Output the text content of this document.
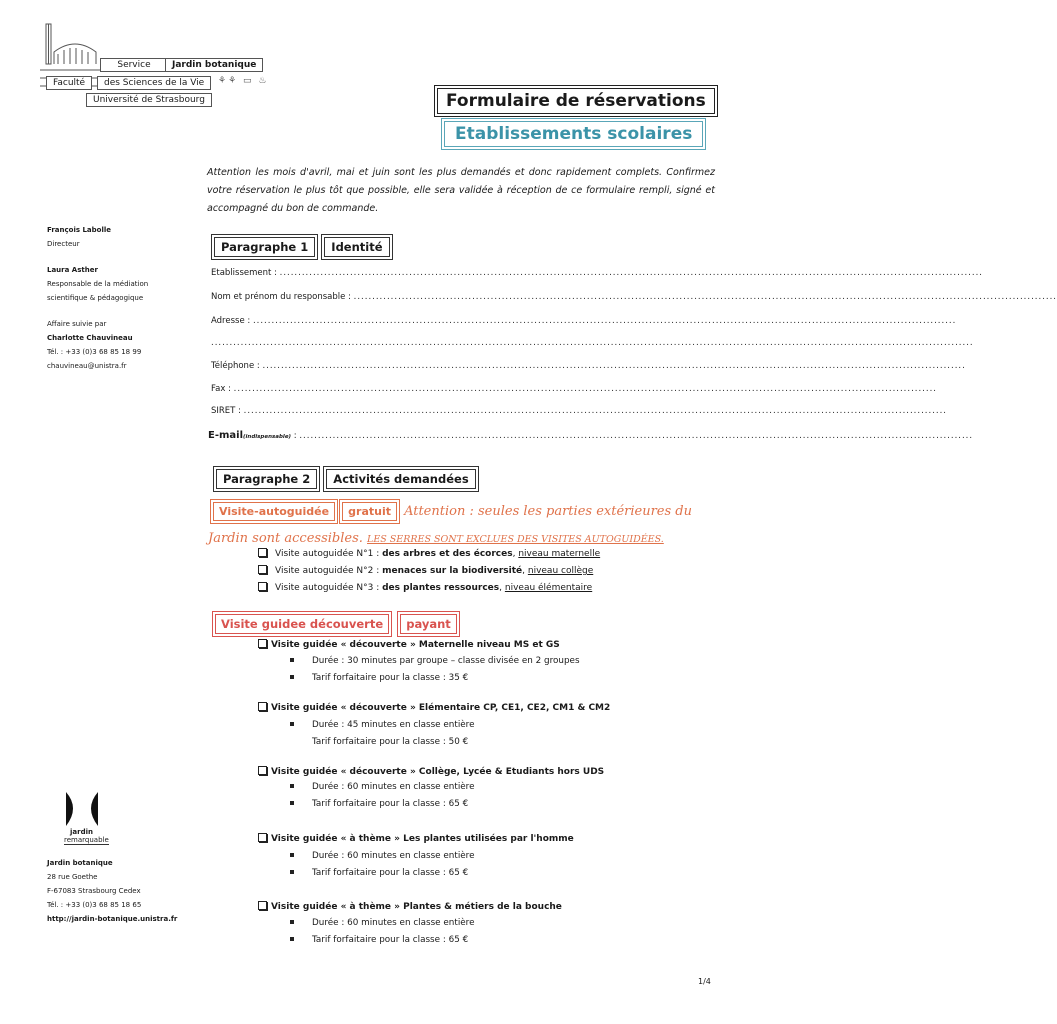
Service	Jardin botanique
Faculté	des Sciences de la Vie	⚘⚘ ▭ ♨
Université de Strasbourg	Formulaire de réservations
Etablissements scolaires
Attention les mois d'avril, mai et juin sont les plus demandés et donc rapidement complets. Confirmez votre réservation le plus tôt que possible, elle sera validée à réception de ce formulaire rempli, signé et accompagné du bon de commande.
François Labolle
Directeur
Laura Asther
Responsable de la médiation
scientifique & pédagogique
Affaire suivie par
Charlotte Chauvineau
Tél. : +33 (0)3 68 85 18 99
chauvineau@unistra.fr
Paragraphe 1 Identité
Etablissement : ..............................................................................................................................................................................................
Nom et prénom du responsable : ..............................................................................................................................................................................................
Adresse : ..............................................................................................................................................................................................
..............................................................................................................................................................................................................
Téléphone : ..............................................................................................................................................................................................
Fax : ..............................................................................................................................................................................................
SIRET : ..............................................................................................................................................................................................
E-mail(indispensable) : ......................................................................................................................................................................................
Paragraphe 2 Activités demandées
Visite-autoguidée gratuit Attention : seules les parties extérieures du
Jardin sont accessibles. LES SERRES SONT EXCLUES DES VISITES AUTOGUIDÉES.
Visite autoguidée N°1 : des arbres et des écorces, niveau maternelle
Visite autoguidée N°2 : menaces sur la biodiversité, niveau collège
Visite autoguidée N°3 : des plantes ressources, niveau élémentaire
Visite guidee découverte payant
Visite guidée « découverte » Maternelle niveau MS et GS
Durée : 30 minutes par groupe – classe divisée en 2 groupes
Tarif forfaitaire pour la classe : 35 €
Visite guidée « découverte » Elémentaire CP, CE1, CE2, CM1 & CM2
Durée : 45 minutes en classe entière
Tarif forfaitaire pour la classe : 50 €
Visite guidée « découverte » Collège, Lycée & Etudiants hors UDS
Durée : 60 minutes en classe entière
Tarif forfaitaire pour la classe : 65 €
Visite guidée « à thème » Les plantes utilisées par l'homme
Durée : 60 minutes en classe entière
Tarif forfaitaire pour la classe : 65 €
Visite guidée « à thème » Plantes & métiers de la bouche
Durée : 60 minutes en classe entière
Tarif forfaitaire pour la classe : 65 €
jardin
remarquable
Jardin botanique
28 rue Goethe
F-67083 Strasbourg Cedex
Tél. : +33 (0)3 68 85 18 65
http://jardin-botanique.unistra.fr
1/4
